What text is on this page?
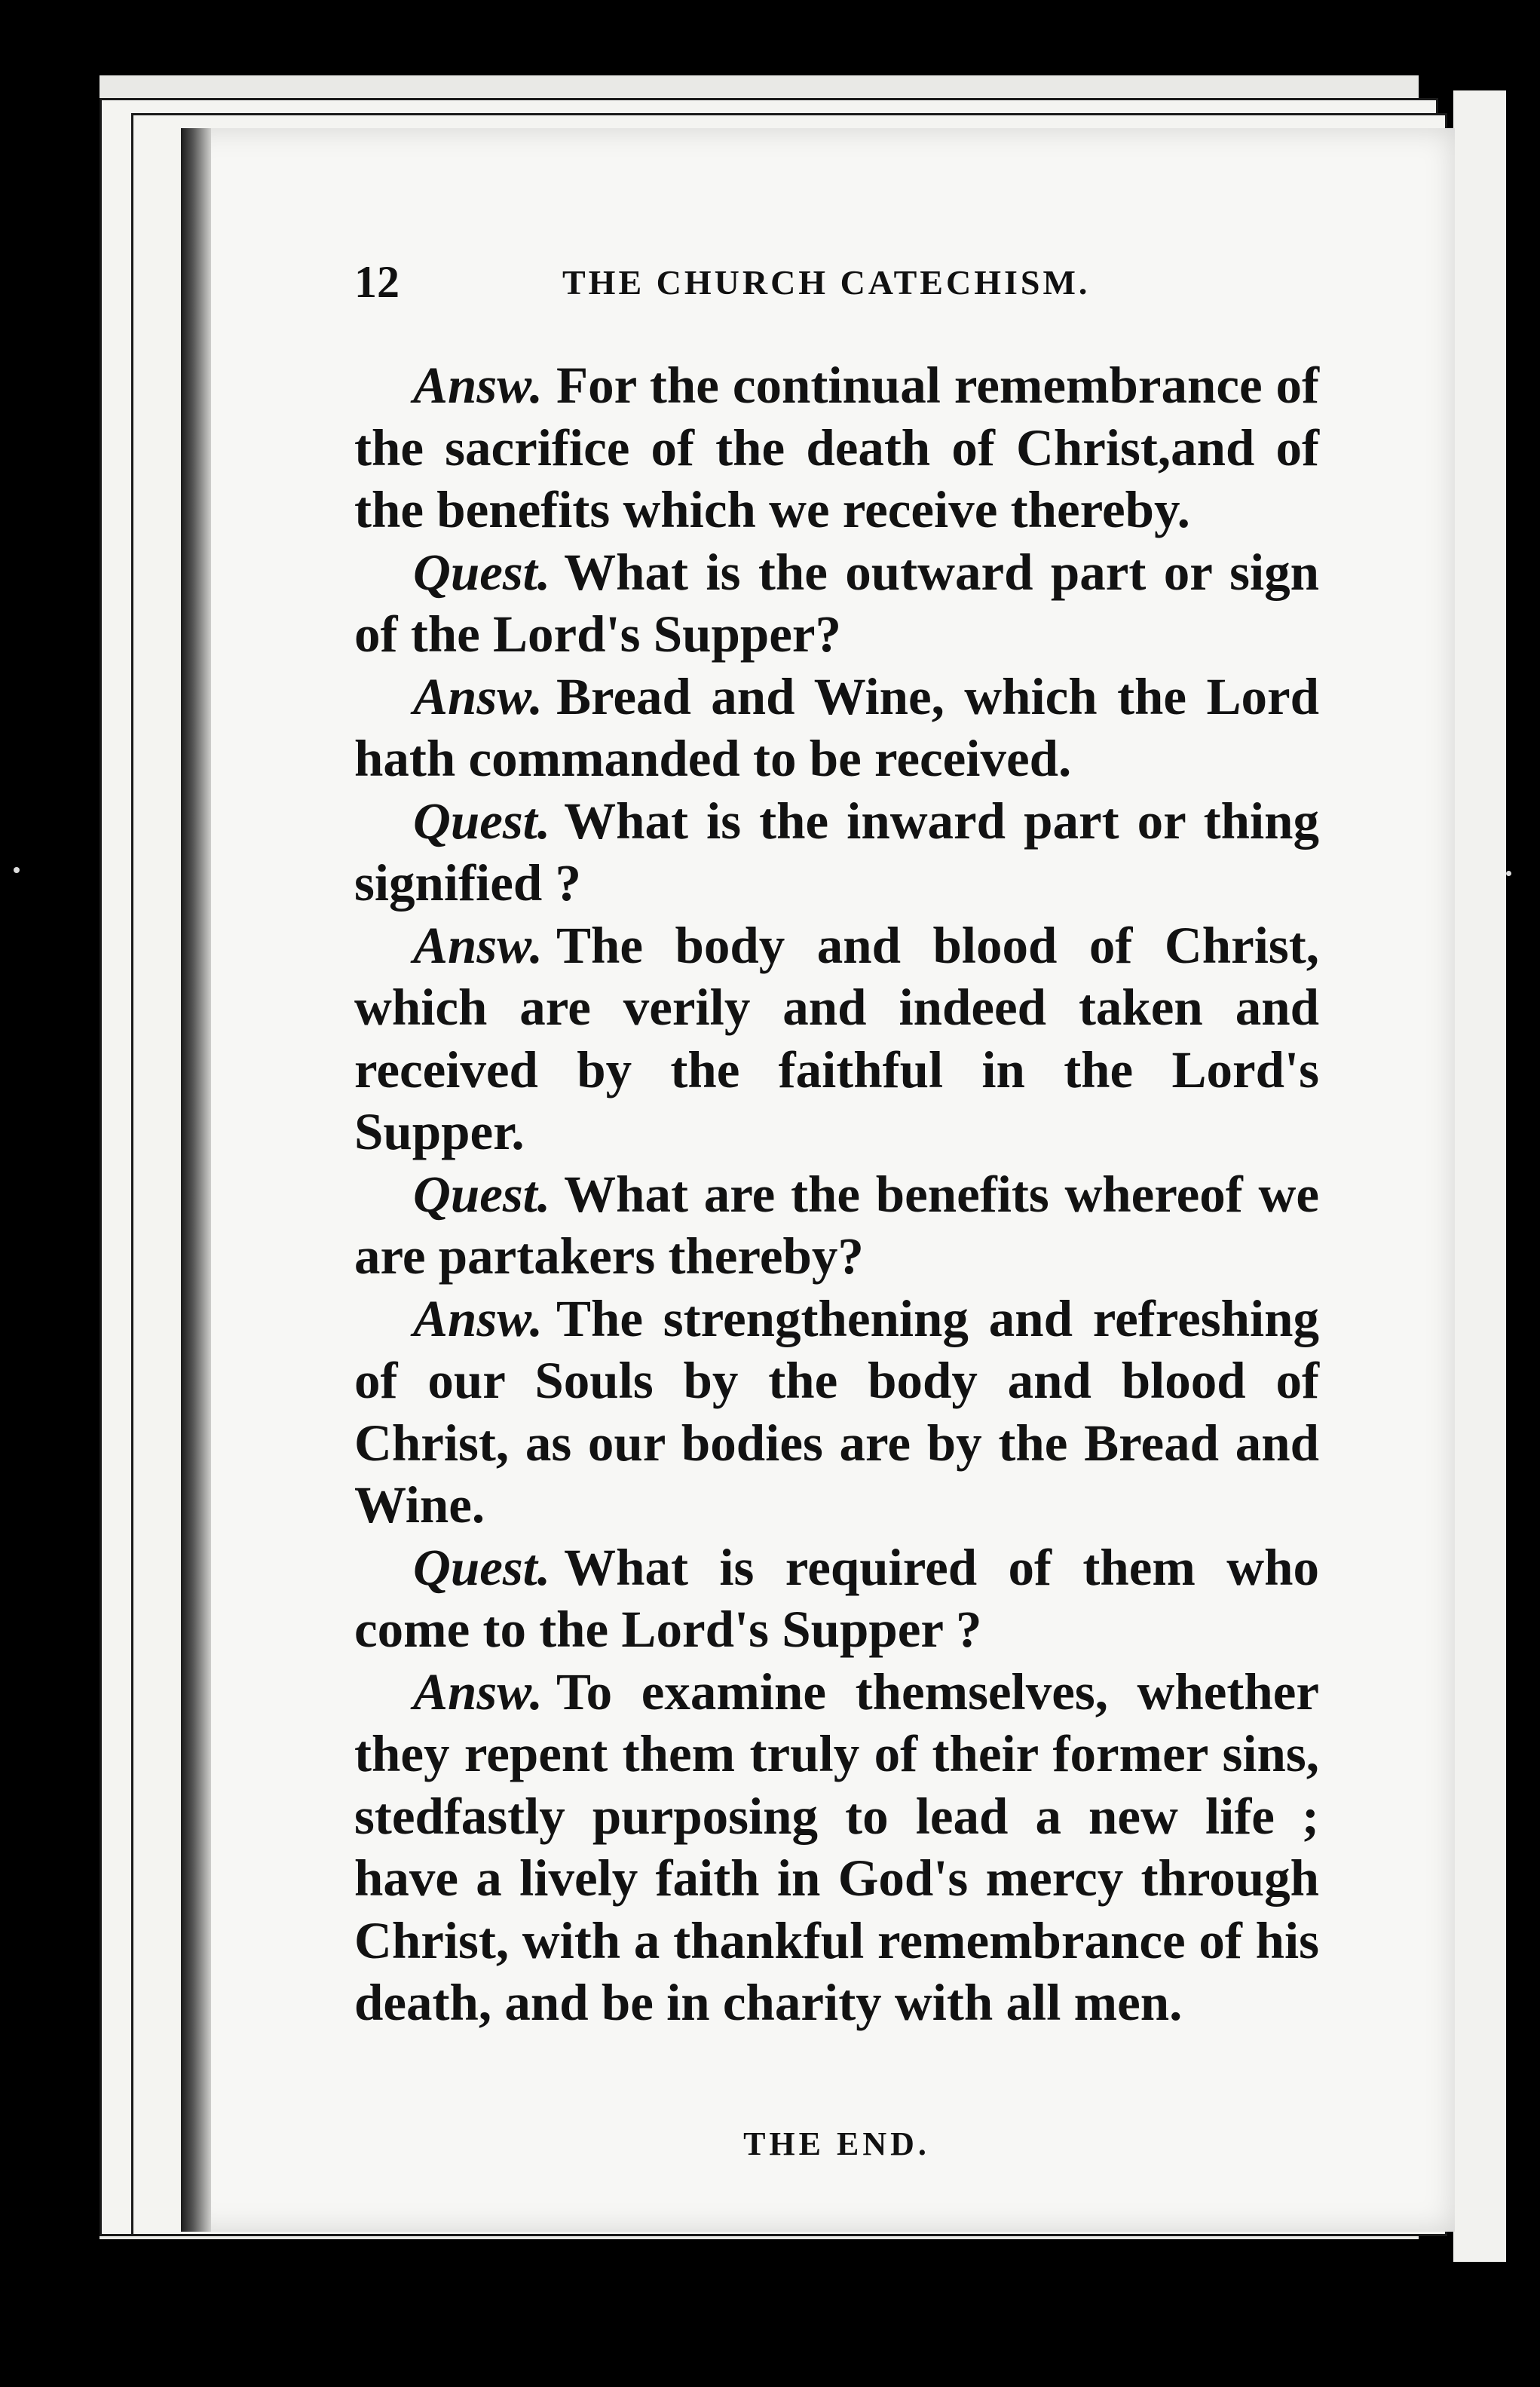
12	THE CHURCH CATECHISM.

Answ. For the continual remembrance of the sacrifice of the death of Christ,and of the benefits which we receive thereby.

Quest. What is the outward part or sign of the Lord's Supper?

Answ. Bread and Wine, which the Lord hath commanded to be received.

Quest. What is the inward part or thing signified ?

Answ. The body and blood of Christ, which are verily and indeed taken and received by the faithful in the Lord's Supper.

Quest. What are the benefits whereof we are partakers thereby?

Answ. The strengthening and refreshing of our Souls by the body and blood of Christ, as our bodies are by the Bread and Wine.

Quest. What is required of them who come to the Lord's Supper ?

Answ. To examine themselves, whether they repent them truly of their former sins, stedfastly purposing to lead a new life ; have a lively faith in God's mercy through Christ, with a thankful remembrance of his death, and be in charity with all men.

THE END.
